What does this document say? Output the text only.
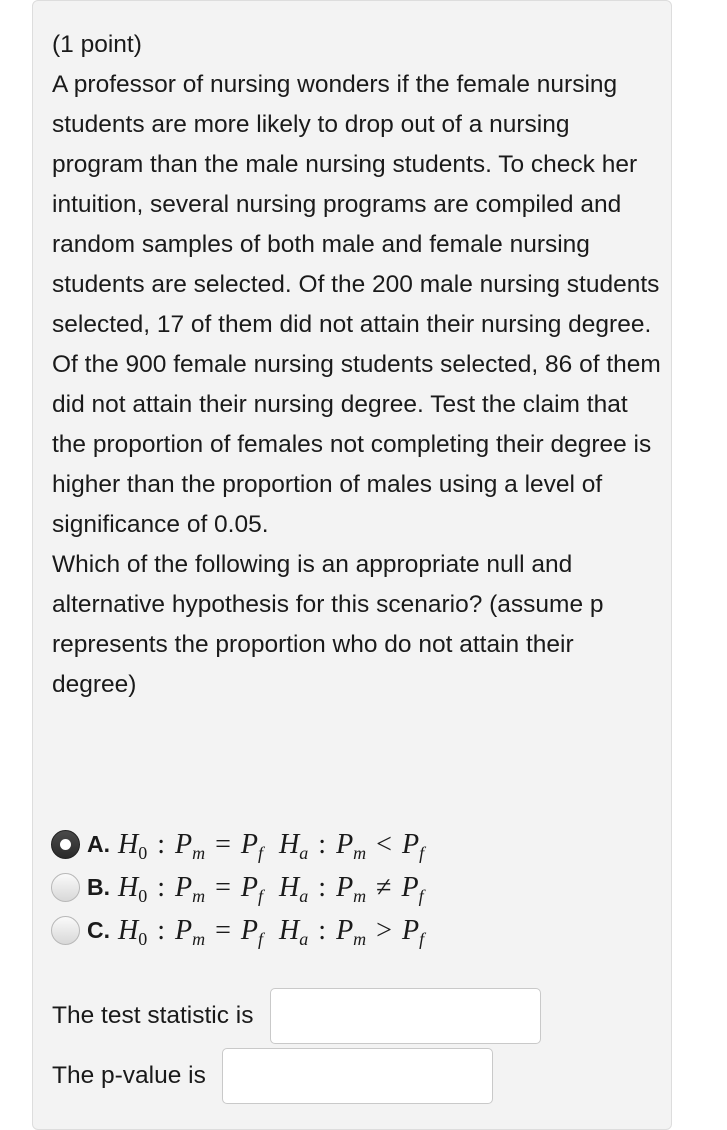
(1 point)

A professor of nursing wonders if the female nursing students are more likely to drop out of a nursing program than the male nursing students. To check her intuition, several nursing programs are compiled and random samples of both male and female nursing students are selected. Of the 200 male nursing students selected, 17 of them did not attain their nursing degree. Of the 900 female nursing students selected, 86 of them did not attain their nursing degree. Test the claim that the proportion of females not completing their degree is higher than the proportion of males using a level of significance of 0.05.

Which of the following is an appropriate null and alternative hypothesis for this scenario? (assume p represents the proportion who do not attain their degree)

A. $H_0$ : $P_m = P_f$ $H_a$ : $P_m < P_f$
B. $H_0$ : $P_m = P_f$ $H_a$ : $P_m \ne P_f$
C. $H_0$ : $P_m = P_f$ $H_a$ : $P_m > P_f$
The test statistic is
The p-value is
